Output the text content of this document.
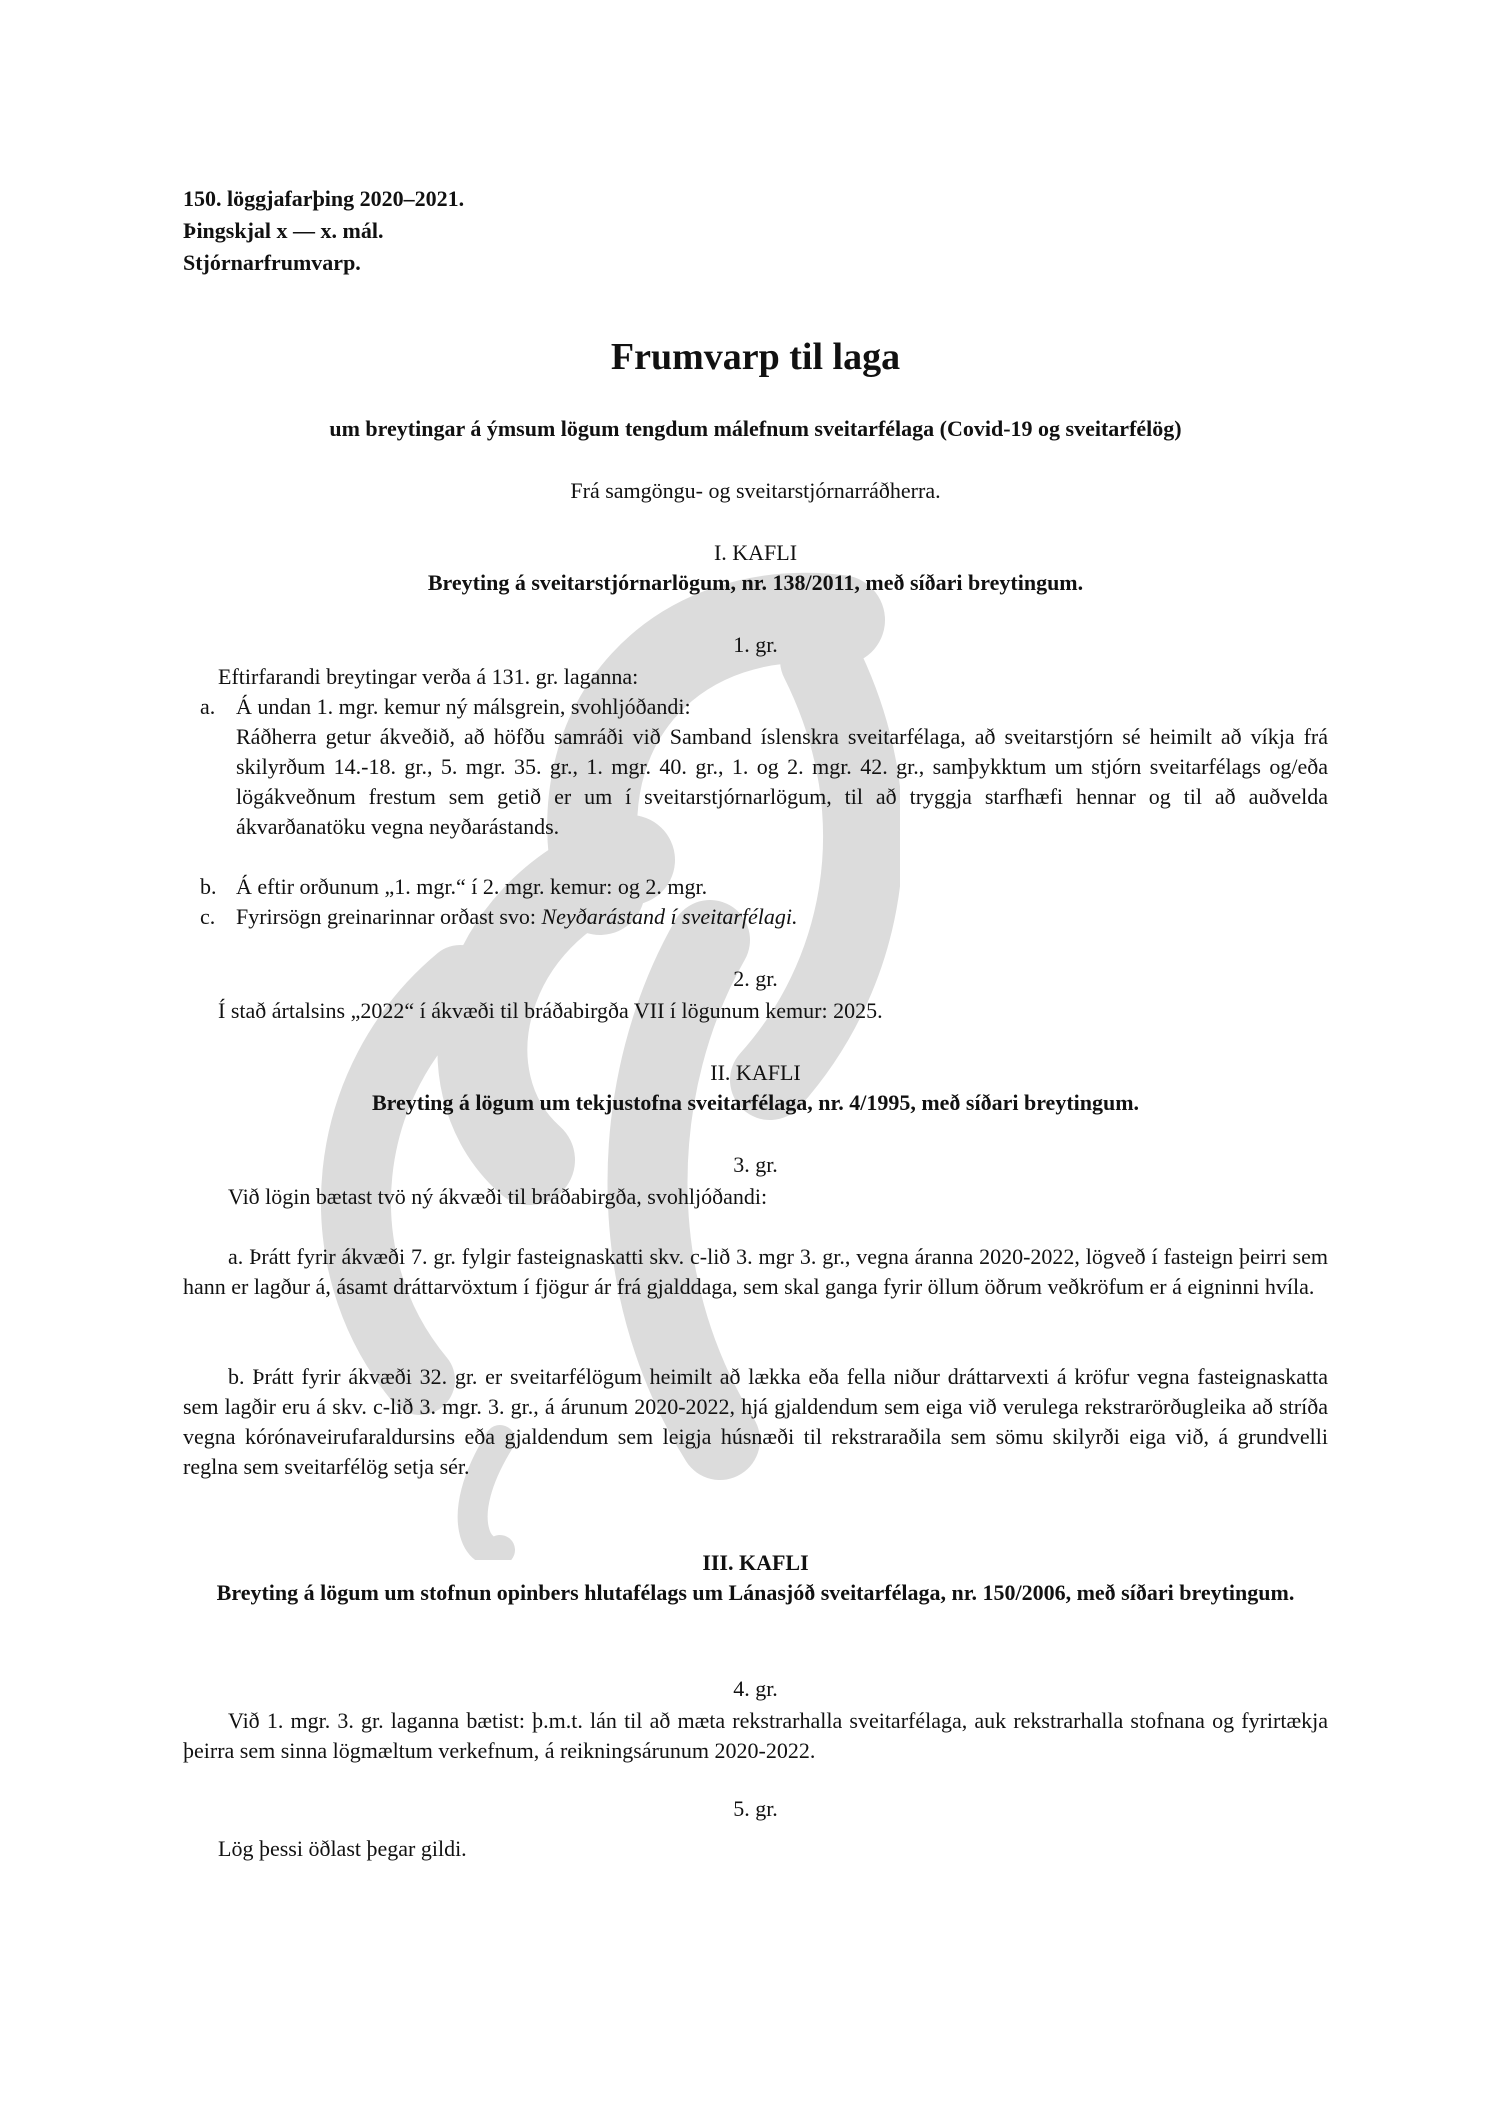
150. löggjafarþing 2020–2021.
Þingskjal x — x. mál.
Stjórnarfrumvarp.
Frumvarp til laga
um breytingar á ýmsum lögum tengdum málefnum sveitarfélaga (Covid-19 og sveitarfélög)
Frá samgöngu- og sveitarstjórnarráðherra.
I. KAFLI
Breyting á sveitarstjórnarlögum, nr. 138/2011, með síðari breytingum.
1. gr.
Eftirfarandi breytingar verða á 131. gr. laganna:
a. Á undan 1. mgr. kemur ný málsgrein, svohljóðandi:
Ráðherra getur ákveðið, að höfðu samráði við Samband íslenskra sveitarfélaga, að sveitarstjórn sé heimilt að víkja frá skilyrðum 14.-18. gr., 5. mgr. 35. gr., 1. mgr. 40. gr., 1. og 2. mgr. 42. gr., samþykktum um stjórn sveitarfélags og/eða lögákveðnum frestum sem getið er um í sveitarstjórnarlögum, til að tryggja starfhæfi hennar og til að auðvelda ákvarðanatöku vegna neyðarástands.
b. Á eftir orðunum „1. mgr.“ í 2. mgr. kemur: og 2. mgr.
c. Fyrirsögn greinarinnar orðast svo: Neyðarástand í sveitarfélagi.
2. gr.
Í stað ártalsins „2022“ í ákvæði til bráðabirgða VII í lögunum kemur: 2025.
II. KAFLI
Breyting á lögum um tekjustofna sveitarfélaga, nr. 4/1995, með síðari breytingum.
3. gr.
Við lögin bætast tvö ný ákvæði til bráðabirgða, svohljóðandi:
a. Þrátt fyrir ákvæði 7. gr. fylgir fasteignaskatti skv. c-lið 3. mgr 3. gr., vegna áranna 2020-2022, lögveð í fasteign þeirri sem hann er lagður á, ásamt dráttarvöxtum í fjögur ár frá gjalddaga, sem skal ganga fyrir öllum öðrum veðkröfum er á eigninni hvíla.
b. Þrátt fyrir ákvæði 32. gr. er sveitarfélögum heimilt að lækka eða fella niður dráttarvexti á kröfur vegna fasteignaskatta sem lagðir eru á skv. c-lið 3. mgr. 3. gr., á árunum 2020-2022, hjá gjaldendum sem eiga við verulega rekstrarörðugleika að stríða vegna kórónaveirufaraldursins eða gjaldendum sem leigja húsnæði til rekstraraðila sem sömu skilyrði eiga við, á grundvelli reglna sem sveitarfélög setja sér.
III. KAFLI
Breyting á lögum um stofnun opinbers hlutafélags um Lánasjóð sveitarfélaga, nr. 150/2006, með síðari breytingum.
4. gr.
Við 1. mgr. 3. gr. laganna bætist: þ.m.t. lán til að mæta rekstrarhalla sveitarfélaga, auk rekstrarhalla stofnana og fyrirtækja þeirra sem sinna lögmæltum verkefnum, á reikningsárunum 2020-2022.
5. gr.
Lög þessi öðlast þegar gildi.
